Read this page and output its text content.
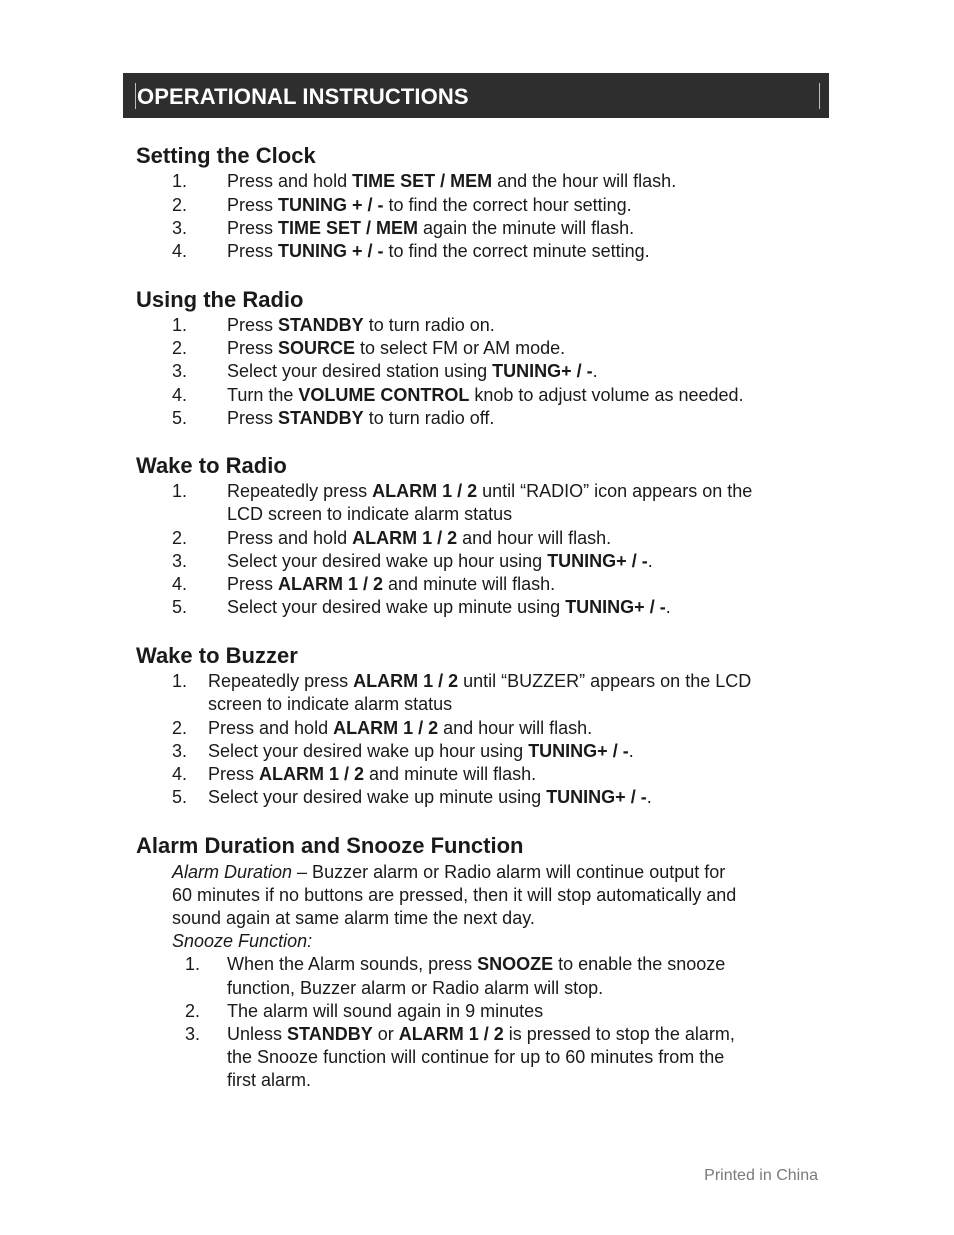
OPERATIONAL INSTRUCTIONS
Setting the Clock
1. Press and hold TIME SET / MEM and the hour will flash.
2. Press TUNING + / - to find the correct hour setting.
3. Press TIME SET / MEM again the minute will flash.
4. Press TUNING + / - to find the correct minute setting.
Using the Radio
1. Press STANDBY to turn radio on.
2. Press SOURCE to select FM or AM mode.
3. Select your desired station using TUNING+ / -.
4. Turn the VOLUME CONTROL knob to adjust volume as needed.
5. Press STANDBY to turn radio off.
Wake to Radio
1. Repeatedly press ALARM 1 / 2 until “RADIO” icon appears on the
LCD screen to indicate alarm status
2. Press and hold ALARM 1 / 2 and hour will flash.
3. Select your desired wake up hour using TUNING+ / -.
4. Press ALARM 1 / 2 and minute will flash.
5. Select your desired wake up minute using TUNING+ / -.
Wake to Buzzer
1. Repeatedly press ALARM 1 / 2 until “BUZZER” appears on the LCD
screen to indicate alarm status
2. Press and hold ALARM 1 / 2 and hour will flash.
3. Select your desired wake up hour using TUNING+ / -.
4. Press ALARM 1 / 2 and minute will flash.
5. Select your desired wake up minute using TUNING+ / -.
Alarm Duration and Snooze Function
Alarm Duration – Buzzer alarm or Radio alarm will continue output for
60 minutes if no buttons are pressed, then it will stop automatically and
sound again at same alarm time the next day.
Snooze Function:
1. When the Alarm sounds, press SNOOZE to enable the snooze
function, Buzzer alarm or Radio alarm will stop.
2. The alarm will sound again in 9 minutes
3. Unless STANDBY or ALARM 1 / 2 is pressed to stop the alarm,
the Snooze function will continue for up to 60 minutes from the
first alarm.
Printed in China
